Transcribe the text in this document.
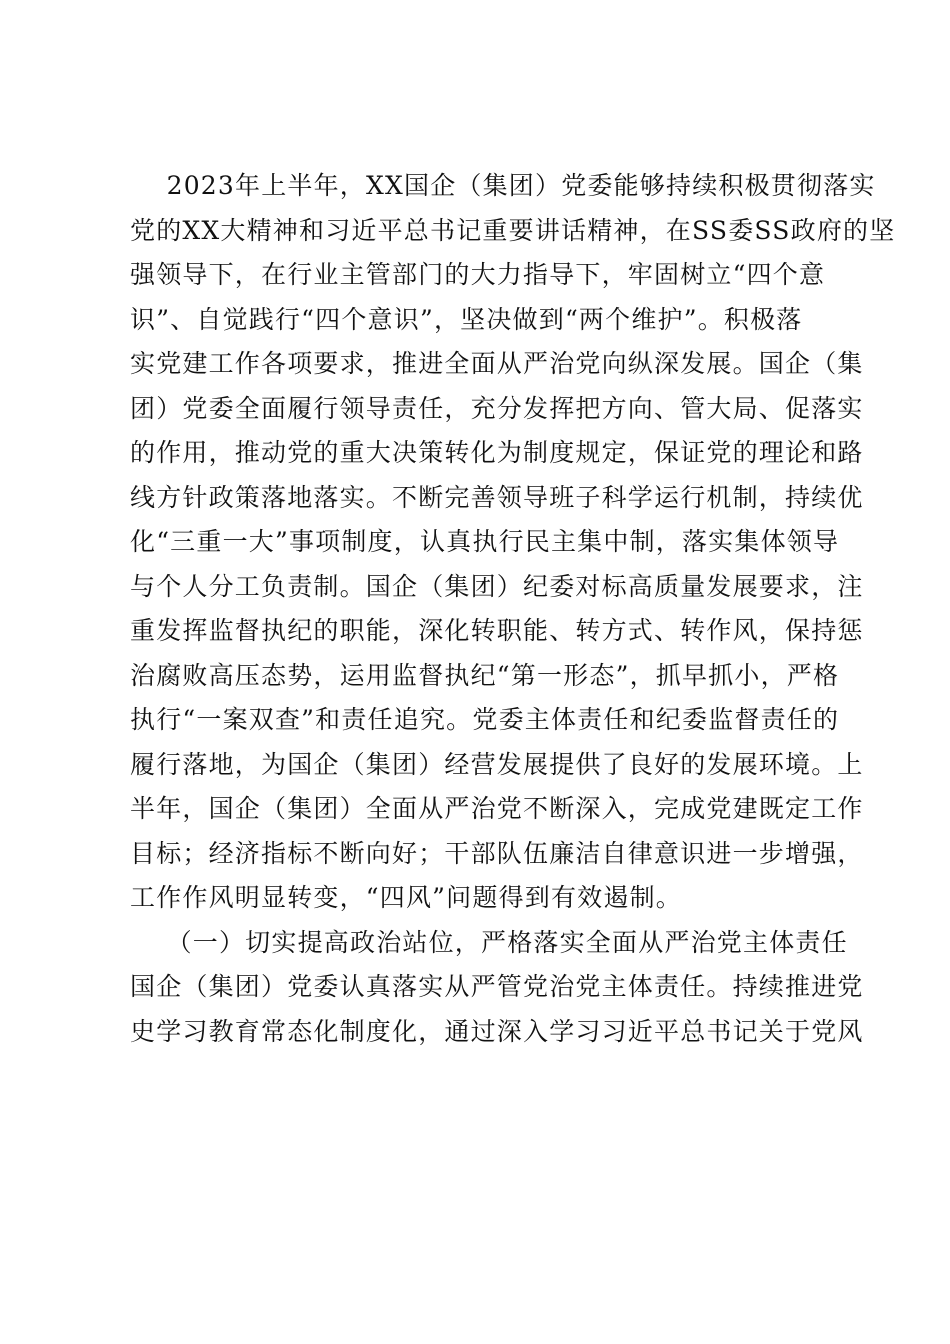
2023年上半年，XX国企（集团）党委能够持续积极贯彻落实
党的XX大精神和习近平总书记重要讲话精神，在SS委SS政府的坚
强领导下，在行业主管部门的大力指导下，牢固树立“四个意
识”、自觉践行“四个意识”，坚决做到“两个维护”。积极落
实党建工作各项要求，推进全面从严治党向纵深发展。国企（集
团）党委全面履行领导责任，充分发挥把方向、管大局、促落实
的作用，推动党的重大决策转化为制度规定，保证党的理论和路
线方针政策落地落实。不断完善领导班子科学运行机制，持续优
化“三重一大”事项制度，认真执行民主集中制，落实集体领导
与个人分工负责制。国企（集团）纪委对标高质量发展要求，注
重发挥监督执纪的职能，深化转职能、转方式、转作风，保持惩
治腐败高压态势，运用监督执纪“第一形态”，抓早抓小，严格
执行“一案双查”和责任追究。党委主体责任和纪委监督责任的
履行落地，为国企（集团）经营发展提供了良好的发展环境。上
半年，国企（集团）全面从严治党不断深入，完成党建既定工作
目标；经济指标不断向好；干部队伍廉洁自律意识进一步增强，
工作作风明显转变，“四风”问题得到有效遏制。
（一）切实提高政治站位，严格落实全面从严治党主体责任
国企（集团）党委认真落实从严管党治党主体责任。持续推进党
史学习教育常态化制度化，通过深入学习习近平总书记关于党风
